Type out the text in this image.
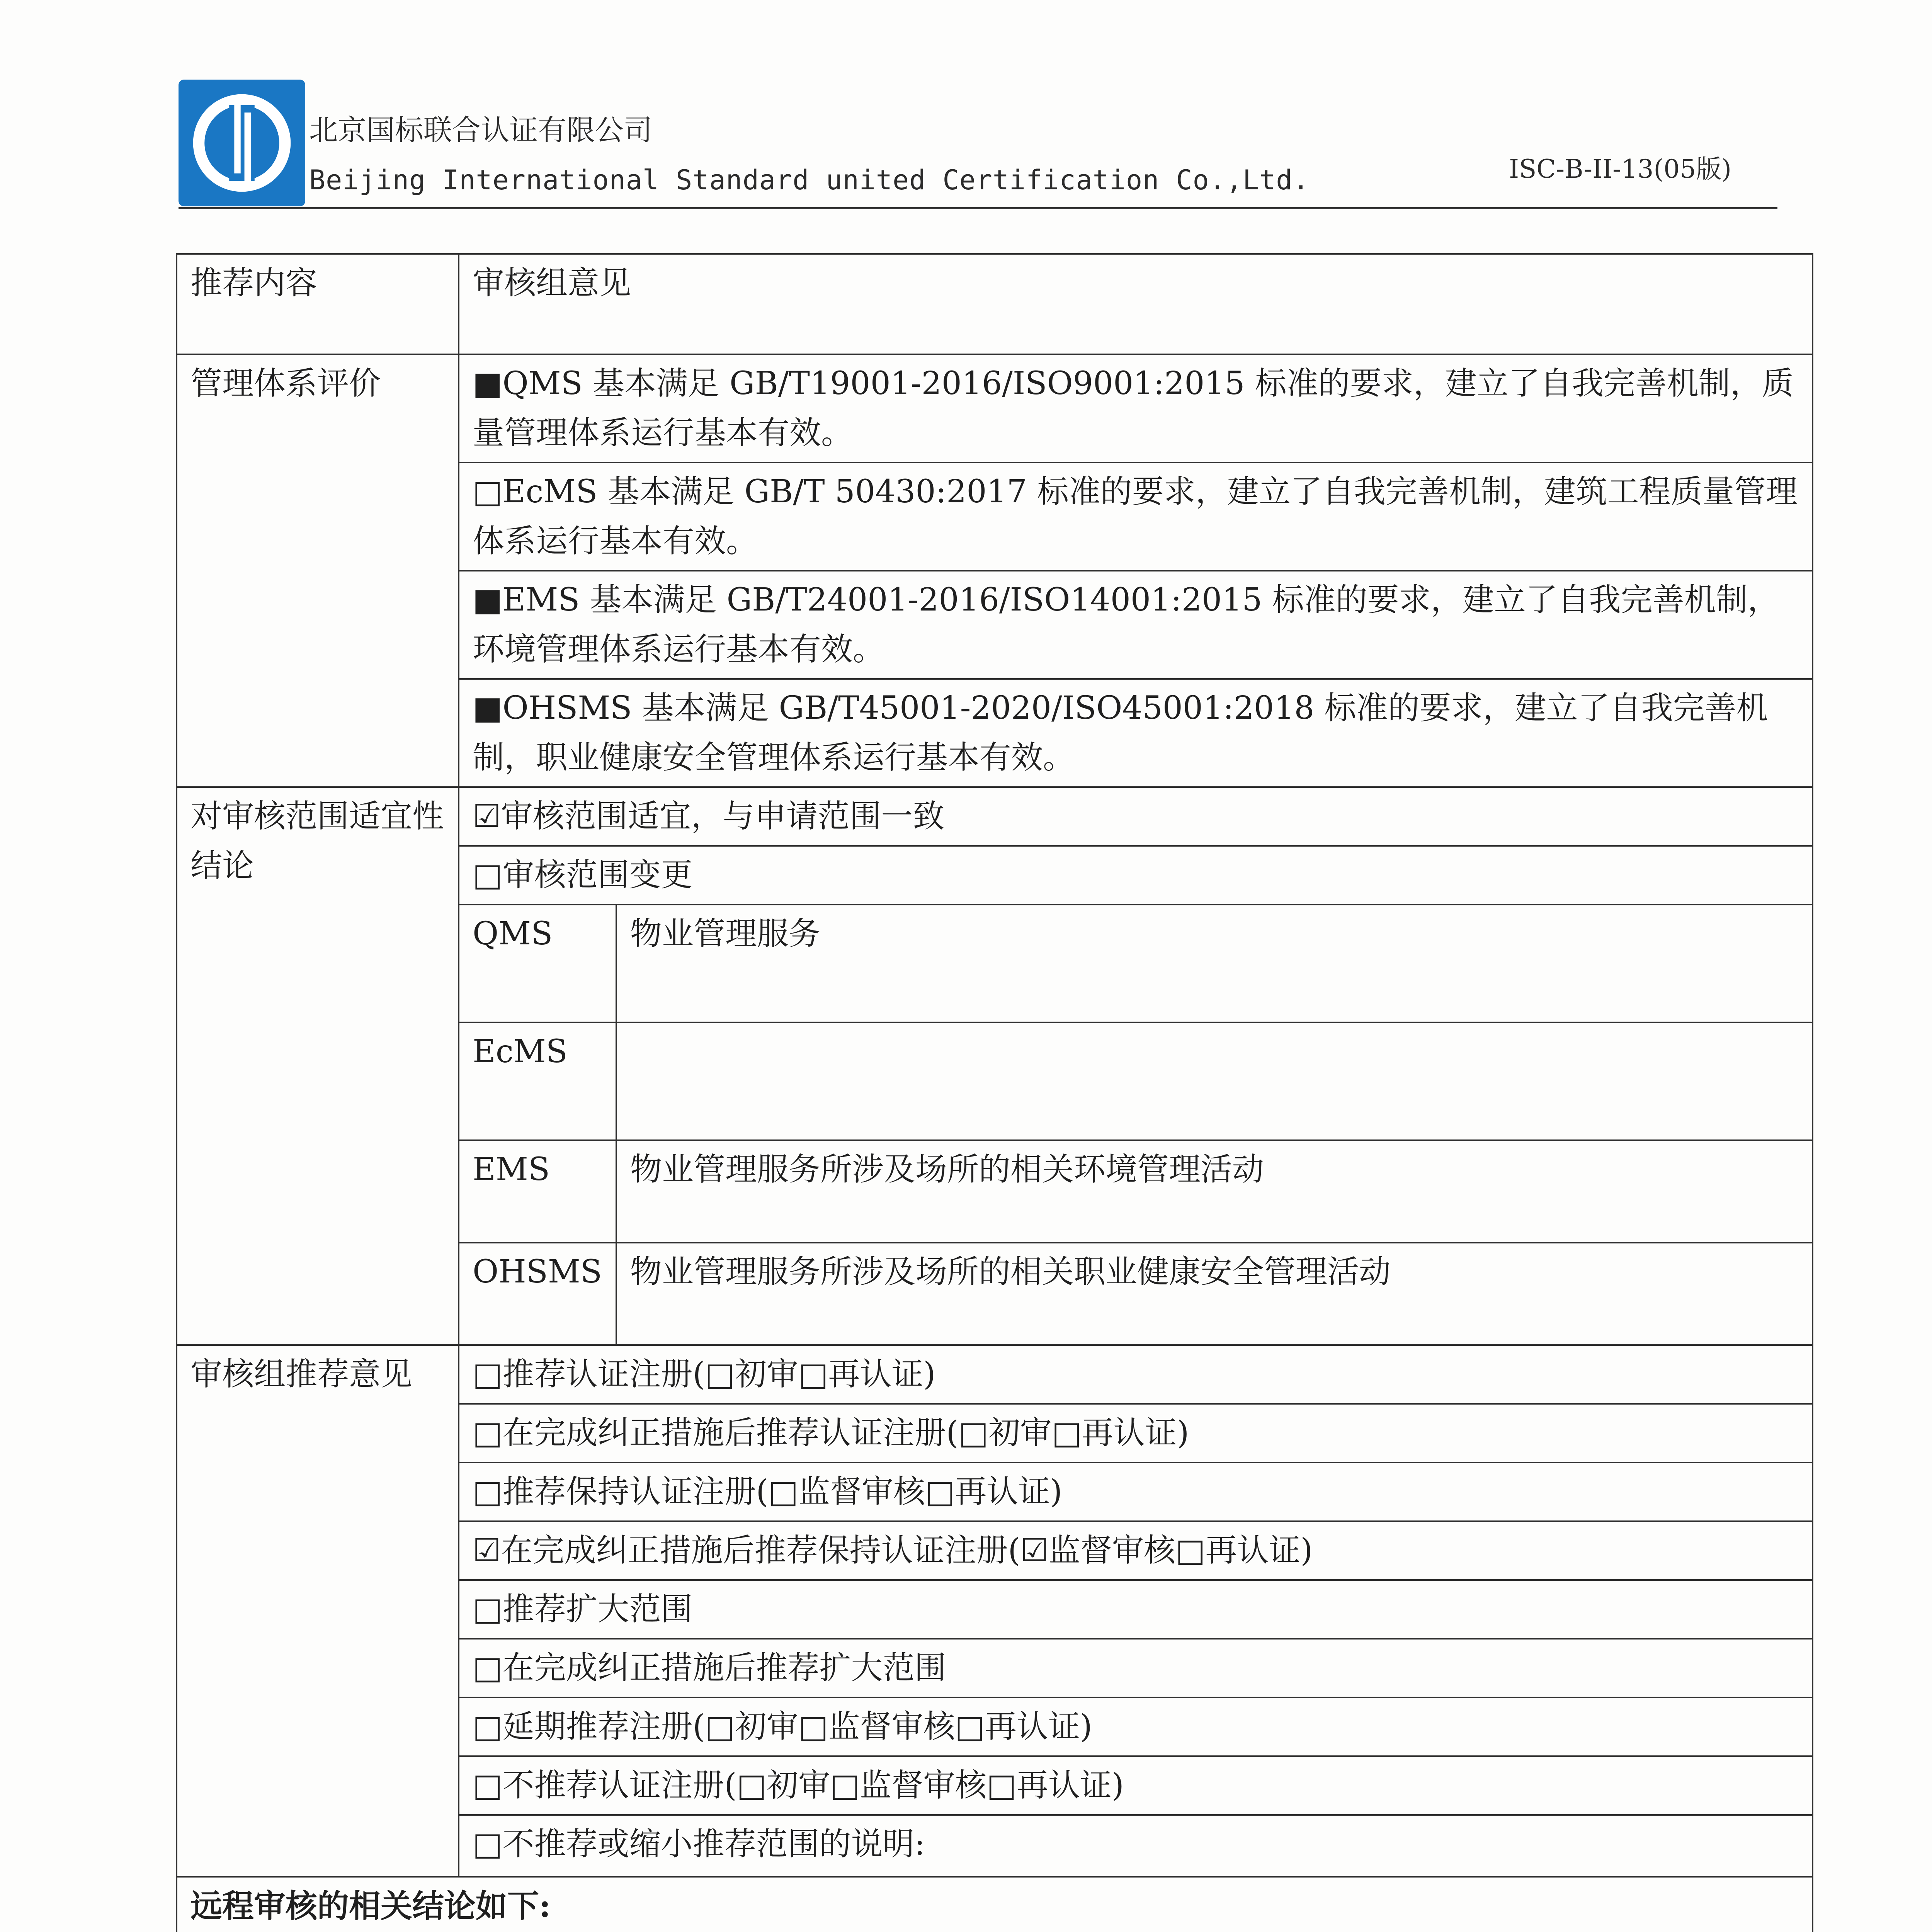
北京国标联合认证有限公司
Beijing International Standard united Certification Co.,Ltd.	ISC-B-II-13(05版)
推荐内容	审核组意见	
管理体系评价	■QMS 基本满足 GB/T19001-2016/ISO9001:2015 标准的要求，建立了自我完善机制，质量管理体系运行基本有效。	
	□EcMS 基本满足 GB/T 50430:2017 标准的要求，建立了自我完善机制，建筑工程质量管理体系运行基本有效。	
	■EMS 基本满足 GB/T24001-2016/ISO14001:2015 标准的要求，建立了自我完善机制，环境管理体系运行基本有效。	
	■OHSMS 基本满足 GB/T45001-2020/ISO45001:2018 标准的要求，建立了自我完善机制，职业健康安全管理体系运行基本有效。	
对审核范围适宜性结论	☑审核范围适宜，与申请范围一致	
	□审核范围变更	
	QMS	物业管理服务
	EcMS	
	EMS	物业管理服务所涉及场所的相关环境管理活动
	OHSMS	物业管理服务所涉及场所的相关职业健康安全管理活动
审核组推荐意见	□推荐认证注册(□初审□再认证)	
	□在完成纠正措施后推荐认证注册(□初审□再认证)	
	□推荐保持认证注册(□监督审核□再认证)	
	☑在完成纠正措施后推荐保持认证注册(☑监督审核□再认证)	
	□推荐扩大范围	
	□在完成纠正措施后推荐扩大范围	
	□延期推荐注册(□初审□监督审核□再认证)	
	□不推荐认证注册(□初审□监督审核□再认证)	
	□不推荐或缩小推荐范围的说明:	
远程审核的相关结论如下:		
